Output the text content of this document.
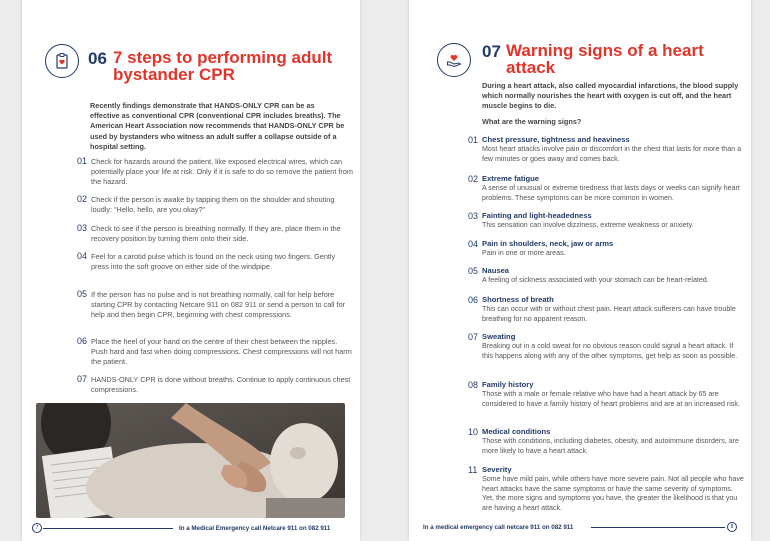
06 7 steps to performing adult bystander CPR
Recently findings demonstrate that HANDS-ONLY CPR can be as effective as conventional CPR (conventional CPR includes breaths). The American Heart Association now recommends that HANDS-ONLY CPR be used by bystanders who witness an adult suffer a collapse outside of a hospital setting.
01 Check for hazards around the patient, like exposed electrical wires, which can potentially place your life at risk. Only if it is safe to do so remove the patient from the hazard.
02 Check if the person is awake by tapping them on the shoulder and shouting loudly: “Hello, hello, are you okay?”
03 Check to see if the person is breathing normally. If they are, place them in the recovery position by turning them onto their side.
04 Feel for a carotid pulse which is found on the neck using two fingers. Gently press into the soft groove on either side of the windpipe.
05 If the person has no pulse and is not breathing normally, call for help before starting CPR by contacting Netcare 911 on 082 911 or send a person to call for help and then begin CPR, beginning with chest compressions.
06 Place the heel of your hand on the centre of their chest between the nipples. Push hard and fast when doing compressions. Chest compressions will not harm the patient.
07 HANDS-ONLY CPR is done without breaths. Continue to apply continuous chest compressions.
7	In a Medical Emergency call Netcare 911 on 082 911
07 Warning signs of a heart attack
During a heart attack, also called myocardial infarctions, the blood supply which normally nourishes the heart with oxygen is cut off, and the heart muscle begins to die.
What are the warning signs?
01 Chest pressure, tightness and heaviness
Most heart attacks involve pain or discomfort in the chest that lasts for more than a few minutes or goes away and comes back.
02 Extreme fatigue
A sense of unusual or extreme tiredness that lasts days or weeks can signify heart problems. These symptoms can be more common in women.
03 Fainting and light-headedness
This sensation can involve dizziness, extreme weakness or anxiety.
04 Pain in shoulders, neck, jaw or arms
Pain in one or more areas.
05 Nausea
A feeling of sickness associated with your stomach can be heart-related.
06 Shortness of breath
This can occur with or without chest pain. Heart attack sufferers can have trouble breathing for no apparent reason.
07 Sweating
Breaking out in a cold sweat for no obvious reason could signal a heart attack. If this happens along with any of the other symptoms, get help as soon as possible.
08 Family history
Those with a male or female relative who have had a heart attack by 65 are considered to have a family history of heart problems and are at an increased risk.
10 Medical conditions
Those with conditions, including diabetes, obesity, and autoimmune disorders, are more likely to have a heart attack.
11 Severity
Some have mild pain, while others have more severe pain. Not all people who have heart attacks have the same symptoms or have the same severity of symptoms. Yet, the more signs and symptoms you have, the greater the likelihood is that you are having a heart attack.
In a medical emergency call netcare 911 on 082 911	8
